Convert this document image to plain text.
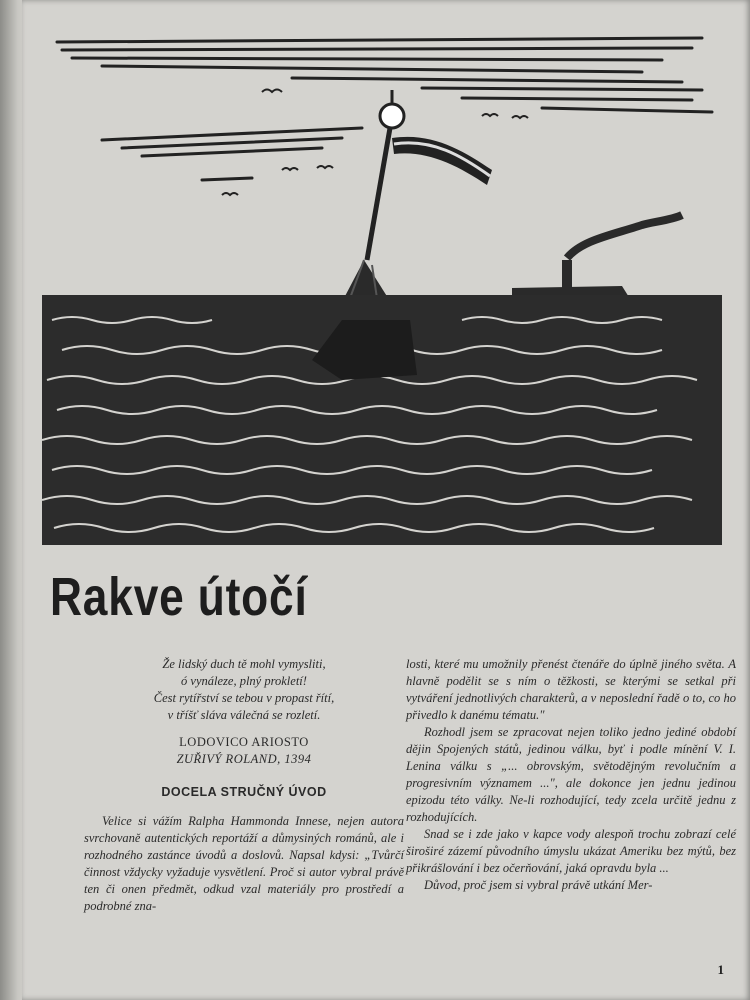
Rakve útočí
Že lidský duch tě mohl vymysliti,
ó vynáleze, plný prokletí!
Čest rytířství se tebou v propast řítí,
v tříšť sláva válečná se rozletí.
LODOVICO ARIOSTO
ZUŘIVÝ ROLAND, 1394
DOCELA STRUČNÝ ÚVOD

Velice si vážím Ralpha Hammonda Innese, nejen autora svrchovaně autentických reportáží a důmysiných románů, ale i rozhodného zastánce úvodů a doslovů. Napsal kdysi: „Tvůrčí činnost vždycky vyžaduje vysvětlení. Proč si autor vybral právě ten či onen předmět, odkud vzal materiály pro prostředí a podrobné zna-

losti, které mu umožnily přenést čtenáře do úplně jiného světa. A hlavně podělit se s ním o těžkosti, se kterými se setkal při vytváření jednotlivých charakterů, a v neposlední řadě o to, co ho přivedlo k danému tématu."

Rozhodl jsem se zpracovat nejen toliko jedno jediné období dějin Spojených států, jedinou válku, byť i podle mínění V. I. Lenina válku s „... obrovským, světodějným revolučním a progresivním významem ...", ale dokonce jen jednu jedinou epizodu této války. Ne-li rozhodující, tedy zcela určitě jednu z rozhodujících.

Snad se i zde jako v kapce vody alespoň trochu zobrazí celé široširé zázemí původního úmyslu ukázat Ameriku bez mýtů, bez přikrášlování i bez očerňování, jaká opravdu byla ...

Důvod, proč jsem si vybral právě utkání Mer-

1
